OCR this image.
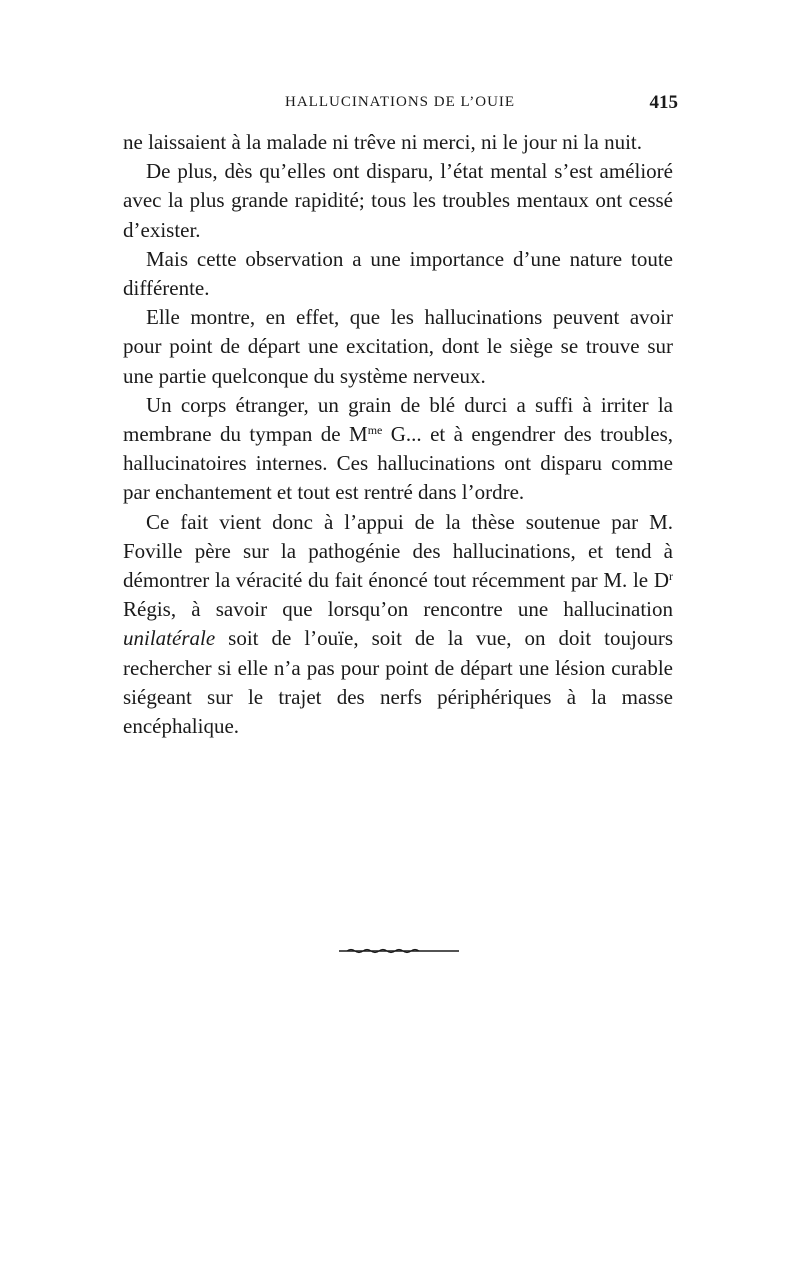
HALLUCINATIONS DE L’OUIE	415

ne laissaient à la malade ni trêve ni merci, ni le jour ni la nuit.

De plus, dès qu’elles ont disparu, l’état mental s’est amélioré avec la plus grande rapidité; tous les troubles mentaux ont cessé d’exister.

Mais cette observation a une importance d’une nature toute différente.

Elle montre, en effet, que les hallucinations peuvent avoir pour point de départ une excitation, dont le siège se trouve sur une partie quelconque du système nerveux.

Un corps étranger, un grain de blé durci a suffi à irriter la membrane du tympan de $M^{me}$ G... et à engendrer des troubles, hallucinatoires internes. Ces hallucinations ont disparu comme par enchantement et tout est rentré dans l’ordre.

Ce fait vient donc à l’appui de la thèse soutenue par M. Foville père sur la pathogénie des hallucinations, et tend à démontrer la véracité du fait énoncé tout récemment par M. le $D^r$ Régis, à savoir que lorsqu’on rencontre une hallucination unilatérale soit de l’ouïe, soit de la vue, on doit toujours rechercher si elle n’a pas pour point de départ une lésion curable siégeant sur le trajet des nerfs périphériques à la masse encéphalique.
